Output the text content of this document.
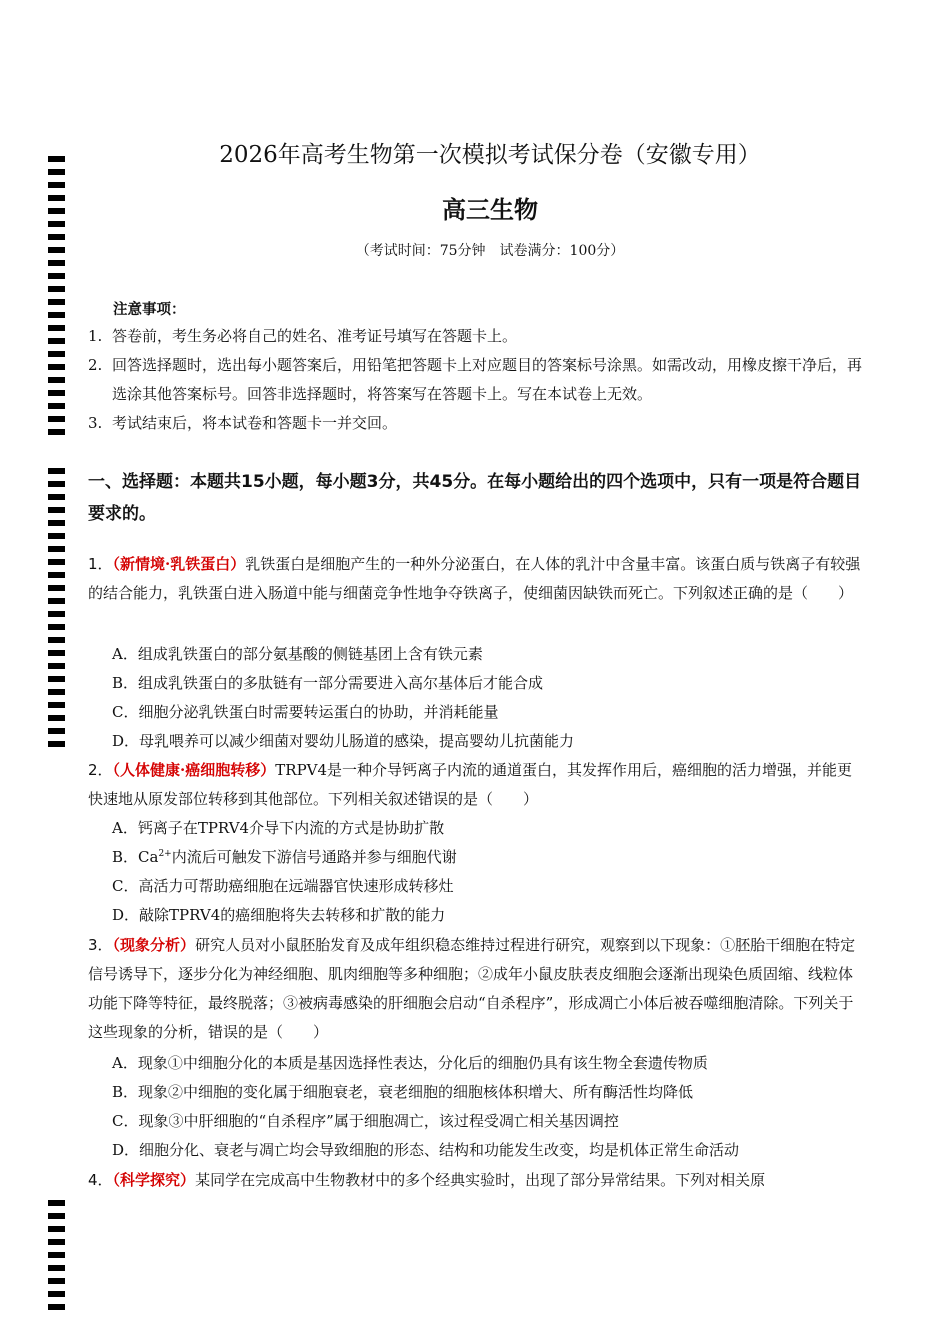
2026年高考生物第一次模拟考试保分卷（安徽专用）
高三生物
（考试时间：75分钟　试卷满分：100分）
注意事项：
1. 答卷前，考生务必将自己的姓名、准考证号填写在答题卡上。
2. 回答选择题时，选出每小题答案后，用铅笔把答题卡上对应题目的答案标号涂黑。如需改动，用橡皮擦干净后，再选涂其他答案标号。回答非选择题时，将答案写在答题卡上。写在本试卷上无效。
3. 考试结束后，将本试卷和答题卡一并交回。
一、选择题：本题共15小题，每小题3分，共45分。在每小题给出的四个选项中，只有一项是符合题目要求的。
1．（新情境·乳铁蛋白）乳铁蛋白是细胞产生的一种外分泌蛋白，在人体的乳汁中含量丰富。该蛋白质与铁离子有较强的结合能力，乳铁蛋白进入肠道中能与细菌竞争性地争夺铁离子，使细菌因缺铁而死亡。下列叙述正确的是（　　）
A．组成乳铁蛋白的部分氨基酸的侧链基团上含有铁元素
B．组成乳铁蛋白的多肽链有一部分需要进入高尔基体后才能合成
C．细胞分泌乳铁蛋白时需要转运蛋白的协助，并消耗能量
D．母乳喂养可以减少细菌对婴幼儿肠道的感染，提高婴幼儿抗菌能力
2．（人体健康·癌细胞转移）TRPV4是一种介导钙离子内流的通道蛋白，其发挥作用后，癌细胞的活力增强，并能更快速地从原发部位转移到其他部位。下列相关叙述错误的是（　　）
A．钙离子在TPRV4介导下内流的方式是协助扩散
B．$Ca^{2+}$内流后可触发下游信号通路并参与细胞代谢
C．高活力可帮助癌细胞在远端器官快速形成转移灶
D．敲除TPRV4的癌细胞将失去转移和扩散的能力
3．（现象分析）研究人员对小鼠胚胎发育及成年组织稳态维持过程进行研究，观察到以下现象：①胚胎干细胞在特定信号诱导下，逐步分化为神经细胞、肌肉细胞等多种细胞；②成年小鼠皮肤表皮细胞会逐渐出现染色质固缩、线粒体功能下降等特征，最终脱落；③被病毒感染的肝细胞会启动“自杀程序”，形成凋亡小体后被吞噬细胞清除。下列关于这些现象的分析，错误的是（　　）
A．现象①中细胞分化的本质是基因选择性表达，分化后的细胞仍具有该生物全套遗传物质
B．现象②中细胞的变化属于细胞衰老，衰老细胞的细胞核体积增大、所有酶活性均降低
C．现象③中肝细胞的“自杀程序”属于细胞凋亡，该过程受凋亡相关基因调控
D．细胞分化、衰老与凋亡均会导致细胞的形态、结构和功能发生改变，均是机体正常生命活动
4．（科学探究）某同学在完成高中生物教材中的多个经典实验时，出现了部分异常结果。下列对相关原
